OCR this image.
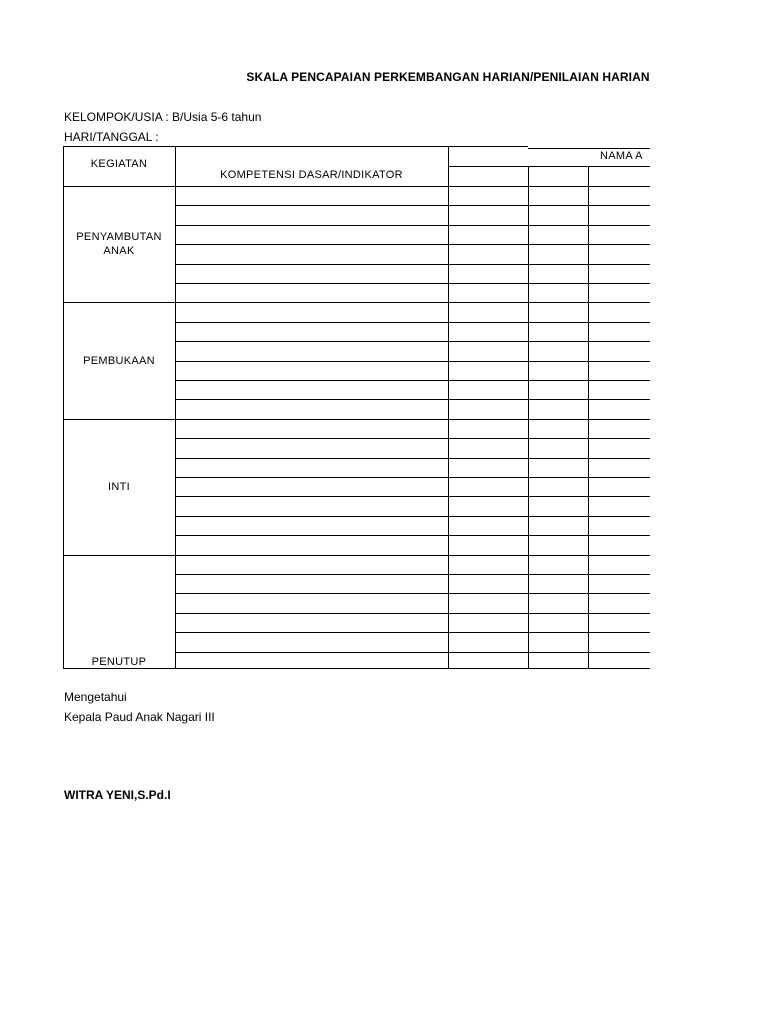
SKALA PENCAPAIAN PERKEMBANGAN HARIAN/PENILAIAN HARIAN
KELOMPOK/USIA : B/Usia 5-6 tahun
HARI/TANGGAL :
KEGIATAN
KOMPETENSI DASAR/INDIKATOR
NAMA A
PENYAMBUTAN
ANAK
PEMBUKAAN
INTI
PENUTUP
Mengetahui
Kepala Paud Anak Nagari III
WITRA YENI,S.Pd.I
